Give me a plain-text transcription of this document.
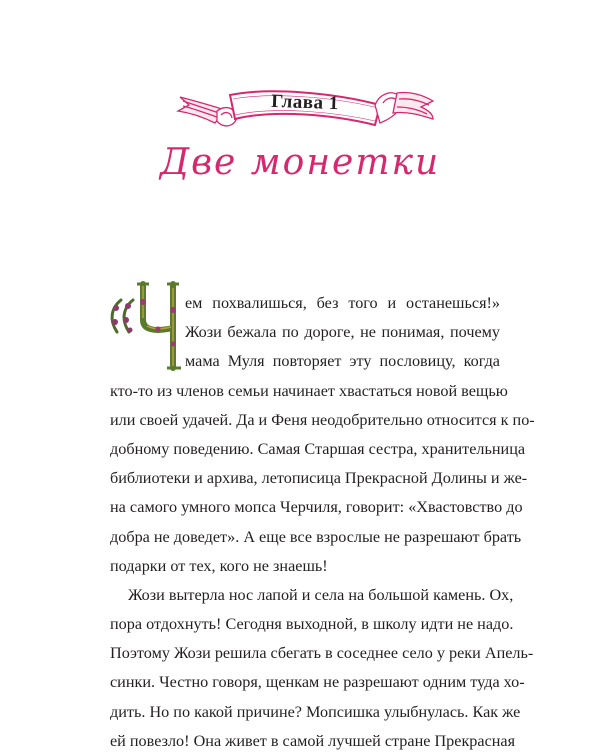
Глава 1
Две монетки
ем похвалишься, без того и останешься!»
Жози бежала по дороге, не понимая, почему
мама Муля повторяет эту пословицу, когда
кто-то из членов семьи начинает хвастаться новой вещью
или своей удачей. Да и Феня неодобрительно относится к по-
добному поведению. Самая Старшая сестра, хранительница
библиотеки и архива, летописица Прекрасной Долины и же-
на самого умного мопса Черчиля, говорит: «Хвастовство до
добра не доведет». А еще все взрослые не разрешают брать
подарки от тех, кого не знаешь!
Жози вытерла нос лапой и села на большой камень. Ох,
пора отдохнуть! Сегодня выходной, в школу идти не надо.
Поэтому Жози решила сбегать в соседнее село у реки Апель-
синки. Честно говоря, щенкам не разрешают одним туда хо-
дить. Но по какой причине? Мопсишка улыбнулась. Как же
ей повезло! Она живет в самой лучшей стране Прекрасная
